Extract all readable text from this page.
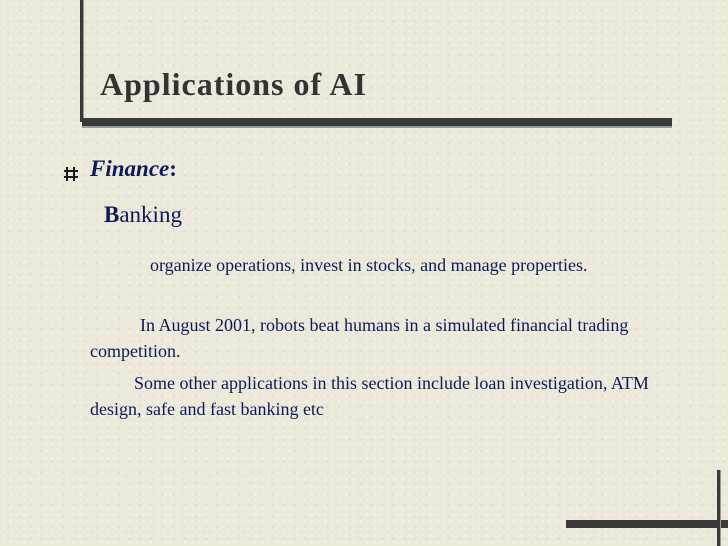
Applications of AI
Finance:
Banking
organize operations, invest in stocks, and manage properties.
In August 2001, robots beat humans in a simulated financial trading competition.
Some other applications in this section include loan investigation, ATM design, safe and fast banking etc
